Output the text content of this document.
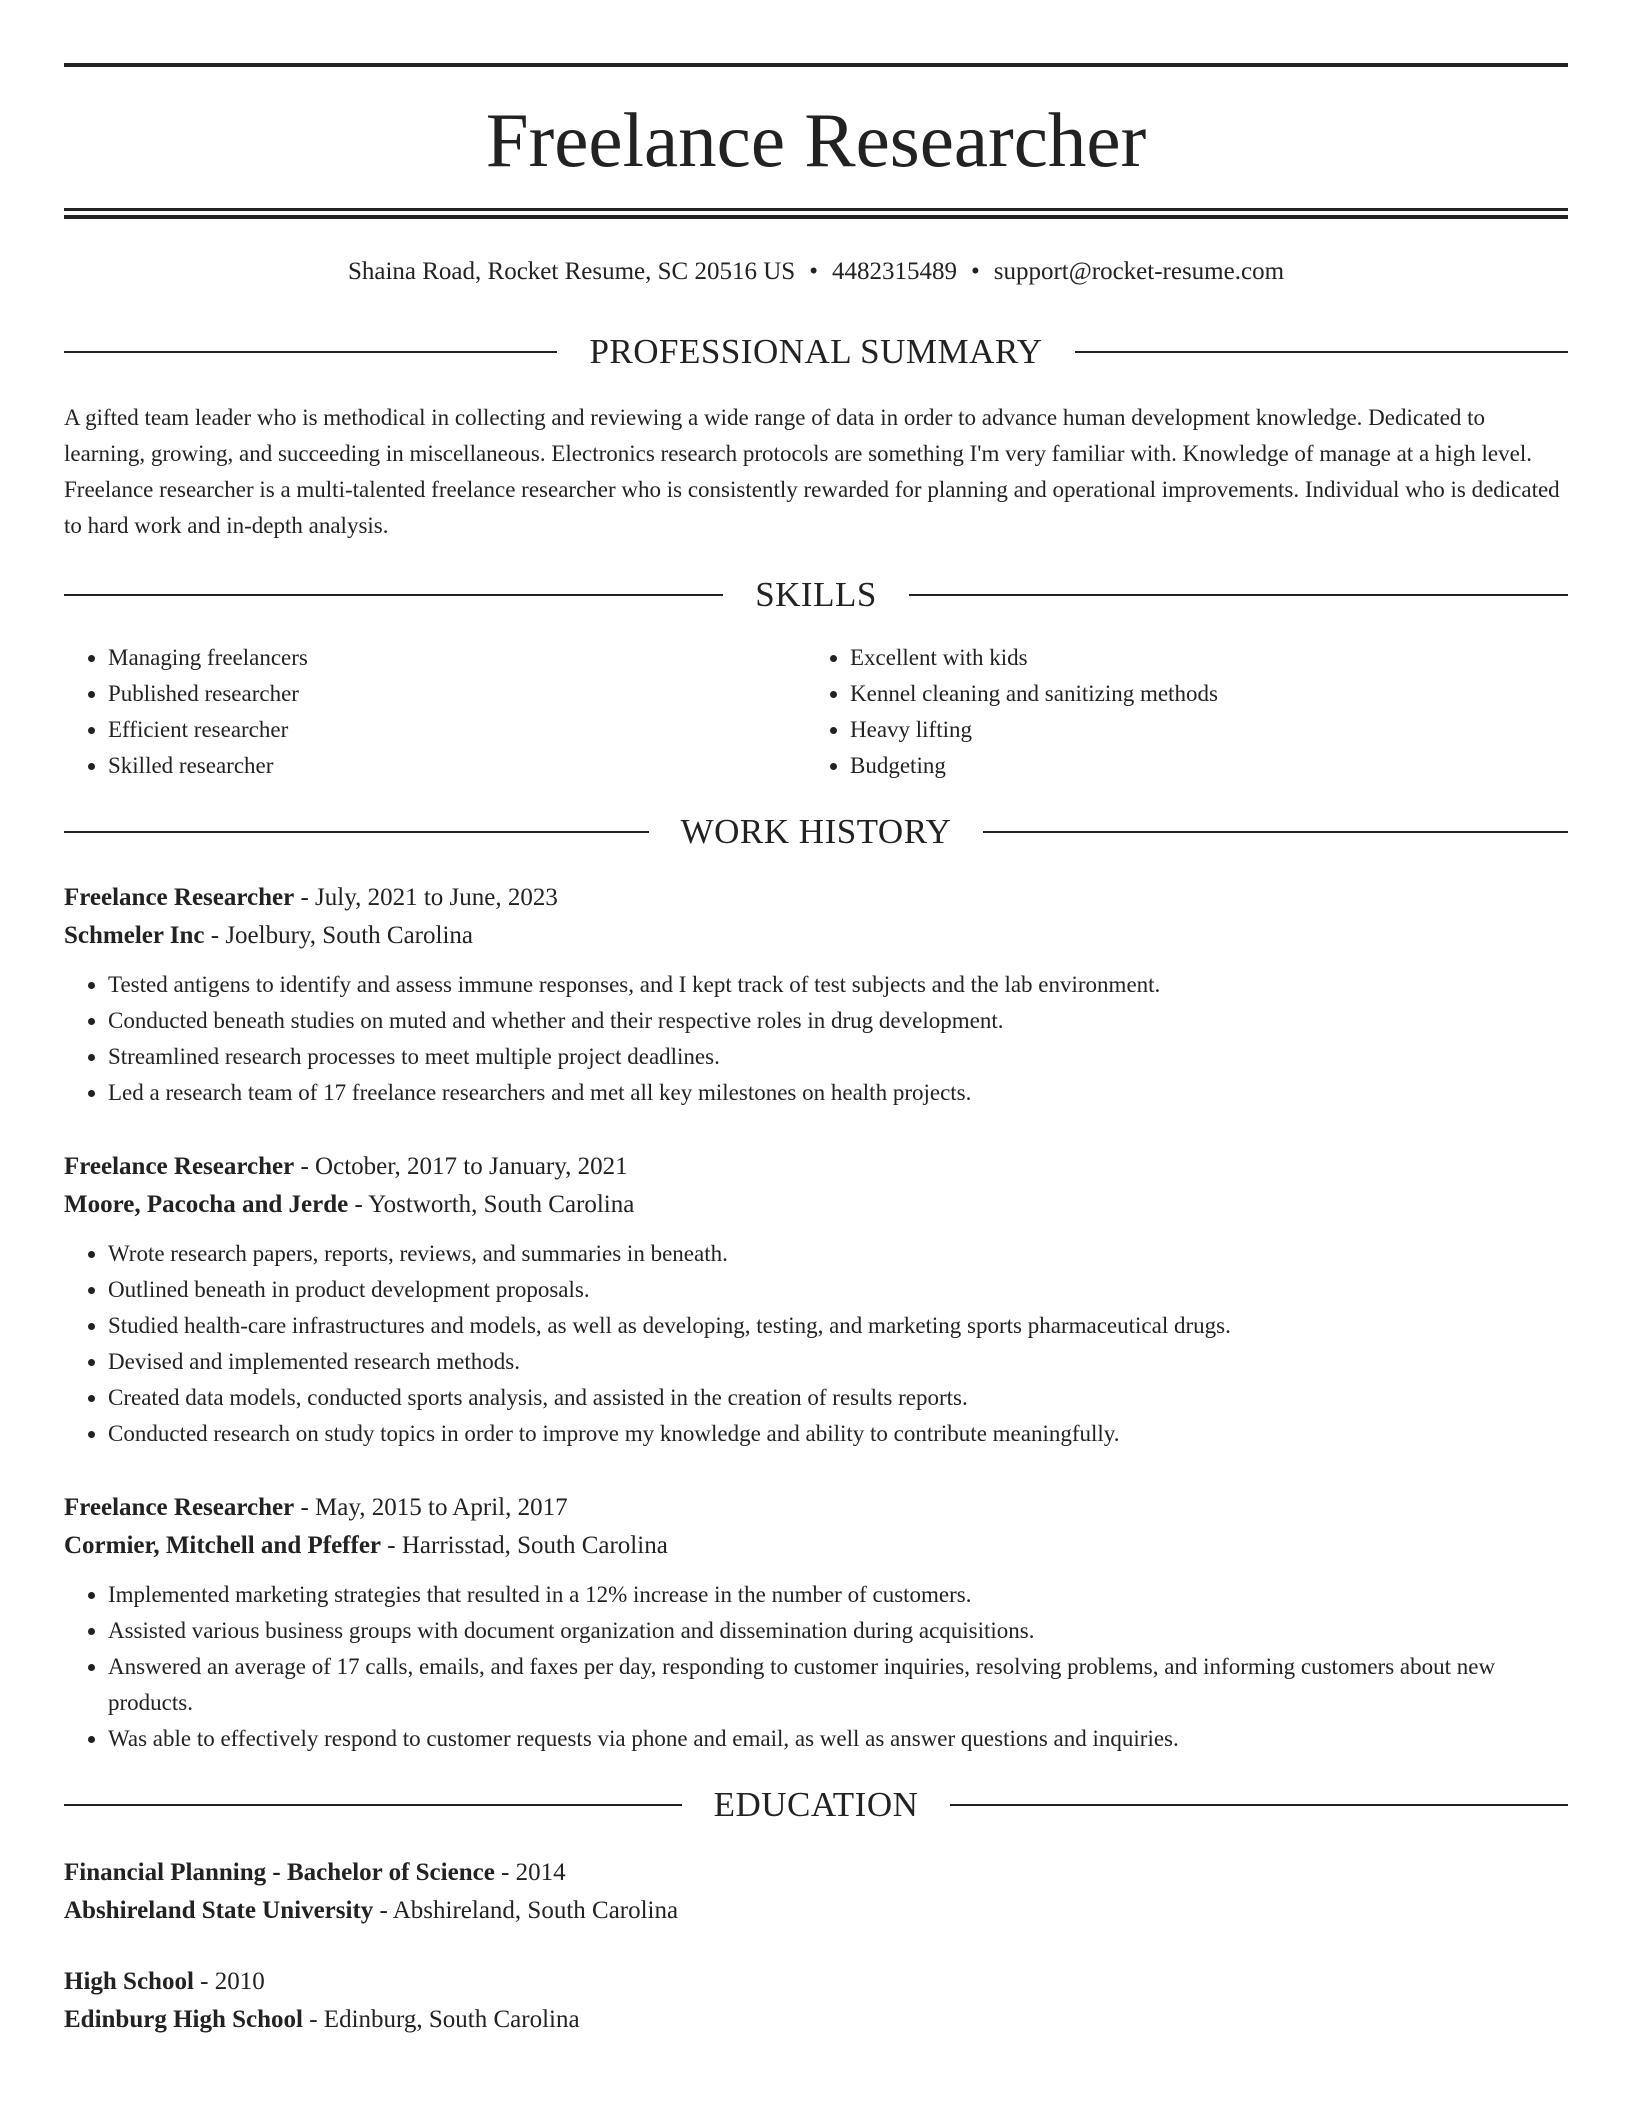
Freelance Researcher
Shaina Road, Rocket Resume, SC 20516 US • 4482315489 • support@rocket-resume.com
PROFESSIONAL SUMMARY

A gifted team leader who is methodical in collecting and reviewing a wide range of data in order to advance human development knowledge. Dedicated to learning, growing, and succeeding in miscellaneous. Electronics research protocols are something I'm very familiar with. Knowledge of manage at a high level. Freelance researcher is a multi-talented freelance researcher who is consistently rewarded for planning and operational improvements. Individual who is dedicated to hard work and in-depth analysis.

SKILLS
• Managing freelancers
• Published researcher
• Efficient researcher
• Skilled researcher
• Excellent with kids
• Kennel cleaning and sanitizing methods
• Heavy lifting
• Budgeting
WORK HISTORY
Freelance Researcher - July, 2021 to June, 2023
Schmeler Inc - Joelbury, South Carolina
• Tested antigens to identify and assess immune responses, and I kept track of test subjects and the lab environment.
• Conducted beneath studies on muted and whether and their respective roles in drug development.
• Streamlined research processes to meet multiple project deadlines.
• Led a research team of 17 freelance researchers and met all key milestones on health projects.
Freelance Researcher - October, 2017 to January, 2021
Moore, Pacocha and Jerde - Yostworth, South Carolina
• Wrote research papers, reports, reviews, and summaries in beneath.
• Outlined beneath in product development proposals.
• Studied health-care infrastructures and models, as well as developing, testing, and marketing sports pharmaceutical drugs.
• Devised and implemented research methods.
• Created data models, conducted sports analysis, and assisted in the creation of results reports.
• Conducted research on study topics in order to improve my knowledge and ability to contribute meaningfully.
Freelance Researcher - May, 2015 to April, 2017
Cormier, Mitchell and Pfeffer - Harrisstad, South Carolina
• Implemented marketing strategies that resulted in a 12% increase in the number of customers.
• Assisted various business groups with document organization and dissemination during acquisitions.
• Answered an average of 17 calls, emails, and faxes per day, responding to customer inquiries, resolving problems, and informing customers about new products.
• Was able to effectively respond to customer requests via phone and email, as well as answer questions and inquiries.
EDUCATION
Financial Planning - Bachelor of Science - 2014
Abshireland State University - Abshireland, South Carolina
High School - 2010
Edinburg High School - Edinburg, South Carolina
